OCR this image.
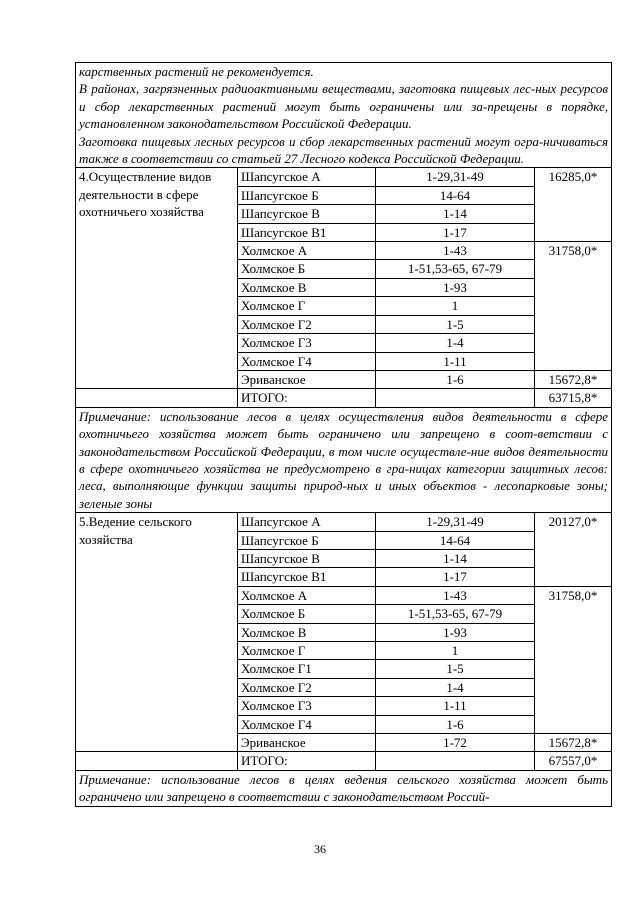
карственных растений не рекомендуется.
В районах, загрязненных радиоактивными веществами, заготовка пищевых лес-ных ресурсов и сбор лекарственных растений могут быть ограничены или за-прещены в порядке, установленном законодательством Российской Федерации.
Заготовка пищевых лесных ресурсов и сбор лекарственных растений могут огра-ничиваться также в соответствии со статьей 27 Лесного кодекса Российской Федерации.			
4.Осуществление видов деятельности в сфере охотничьего хозяйства	Шапсугское А	1-29,31-49	16285,0*
	Шапсугское Б	14-64	
	Шапсугское В	1-14	
	Шапсугское В1	1-17	
	Холмское А	1-43	31758,0*
	Холмское Б	1-51,53-65, 67-79	
	Холмское В	1-93	
	Холмское Г	1	
	Холмское Г2	1-5	
	Холмское Г3	1-4	
	Холмское Г4	1-11	
	Эриванское	1-6	15672,8*
	ИТОГО:		63715,8*
Примечание: использование лесов в целях осуществления видов деятельности в сфере охотничьего хозяйства может быть ограничено или запрещено в соот-ветствии с законодательством Российской Федерации, в том числе осуществле-ние видов деятельности в сфере охотничьего хозяйства не предусмотрено в гра-ницах категории защитных лесов: леса, выполняющие функции защиты природ-ных и иных объектов - лесопарковые зоны; зеленые зоны			
5.Ведение сельского хозяйства	Шапсугское А	1-29,31-49	20127,0*
	Шапсугское Б	14-64	
	Шапсугское В	1-14	
	Шапсугское В1	1-17	
	Холмское А	1-43	31758,0*
	Холмское Б	1-51,53-65, 67-79	
	Холмское В	1-93	
	Холмское Г	1	
	Холмское Г1	1-5	
	Холмское Г2	1-4	
	Холмское Г3	1-11	
	Холмское Г4	1-6	
	Эриванское	1-72	15672,8*
	ИТОГО:		67557,0*
Примечание: использование лесов в целях ведения сельского хозяйства может быть ограничено или запрещено в соответствии с законодательством Россий-			
36
